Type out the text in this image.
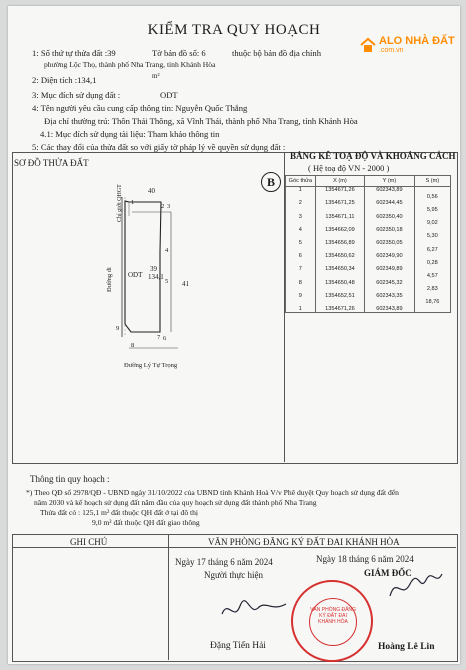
KIỂM TRA QUY HOẠCH
ALO NHÀ ĐẤT
.com.vn
1: Số thứ tự thửa đất :39	Tờ bản đồ số: 6	thuộc bộ bản đồ địa chính
phường Lộc Thọ, thành phố Nha Trang, tỉnh Khánh Hòa
2: Diện tích :134,1	m²
3: Mục đích sử dụng đất :	ODT
4: Tên người yêu cầu cung cấp thông tin: Nguyễn Quốc Thắng
Địa chỉ thường trú: Thôn Thái Thông, xã Vĩnh Thái, thành phố Nha Trang, tỉnh Khánh Hòa
4.1: Mục đích sử dụng tài liệu: Tham khảo thông tin
5: Các thay đổi của thửa đất so với giấy tờ pháp lý về quyền sử dụng đất :
SƠ ĐỒ THỬA ĐẤT
1
2 3
4
5
6
7
8
9
40
41
ODT
39
134,1
Chỉ giới QHGT
Đường đi
Đường Lý Tự Trọng
BẢNG KÊ TOẠ ĐỘ VÀ KHOẢNG CÁCH
( Hệ toạ độ VN - 2000 )
B	Góc thửa	X (m)	Y (m)	S (m)
1	1354671,26	602343,89	
			0,56
2	1354671,25	602344,45	
			5,95
3	1354671,11	602350,40	
			9,02
4	1354662,09	602350,18	
			5,30
5	1354656,89	602350,05	
			6,27
6	1354650,62	602349,90	
			0,28
7	1354650,34	602349,89	
			4,57
8	1354650,48	602345,32	
			2,83
9	1354652,51	602343,35	
			18,76
1	1354671,26	602343,89	
Thông tin quy hoạch :
*) Theo QĐ số 2978/QĐ - UBND ngày 31/10/2022 của UBND tỉnh Khánh Hoà V/v Phê duyệt Quy hoạch sử dụng đất đến
năm 2030 và kế hoạch sử dụng đất năm đầu của quy hoạch sử dụng đất thành phố Nha Trang
Thửa đất có : 125,1 m² đất thuộc QH đất ở tại đô thị
9,0 m² đất thuộc QH đất giao thông
GHI CHÚ	VĂN PHÒNG ĐĂNG KÝ ĐẤT ĐAI KHÁNH HÒA
Ngày 17 tháng 6 năm 2024	Ngày 18 tháng 6 năm 2024
Người thực hiện	GIÁM ĐỐC
VĂN PHÒNG ĐĂNG KÝ ĐẤT ĐAI KHÁNH HÒA
Đặng Tiến Hải	Hoàng Lê Lin
